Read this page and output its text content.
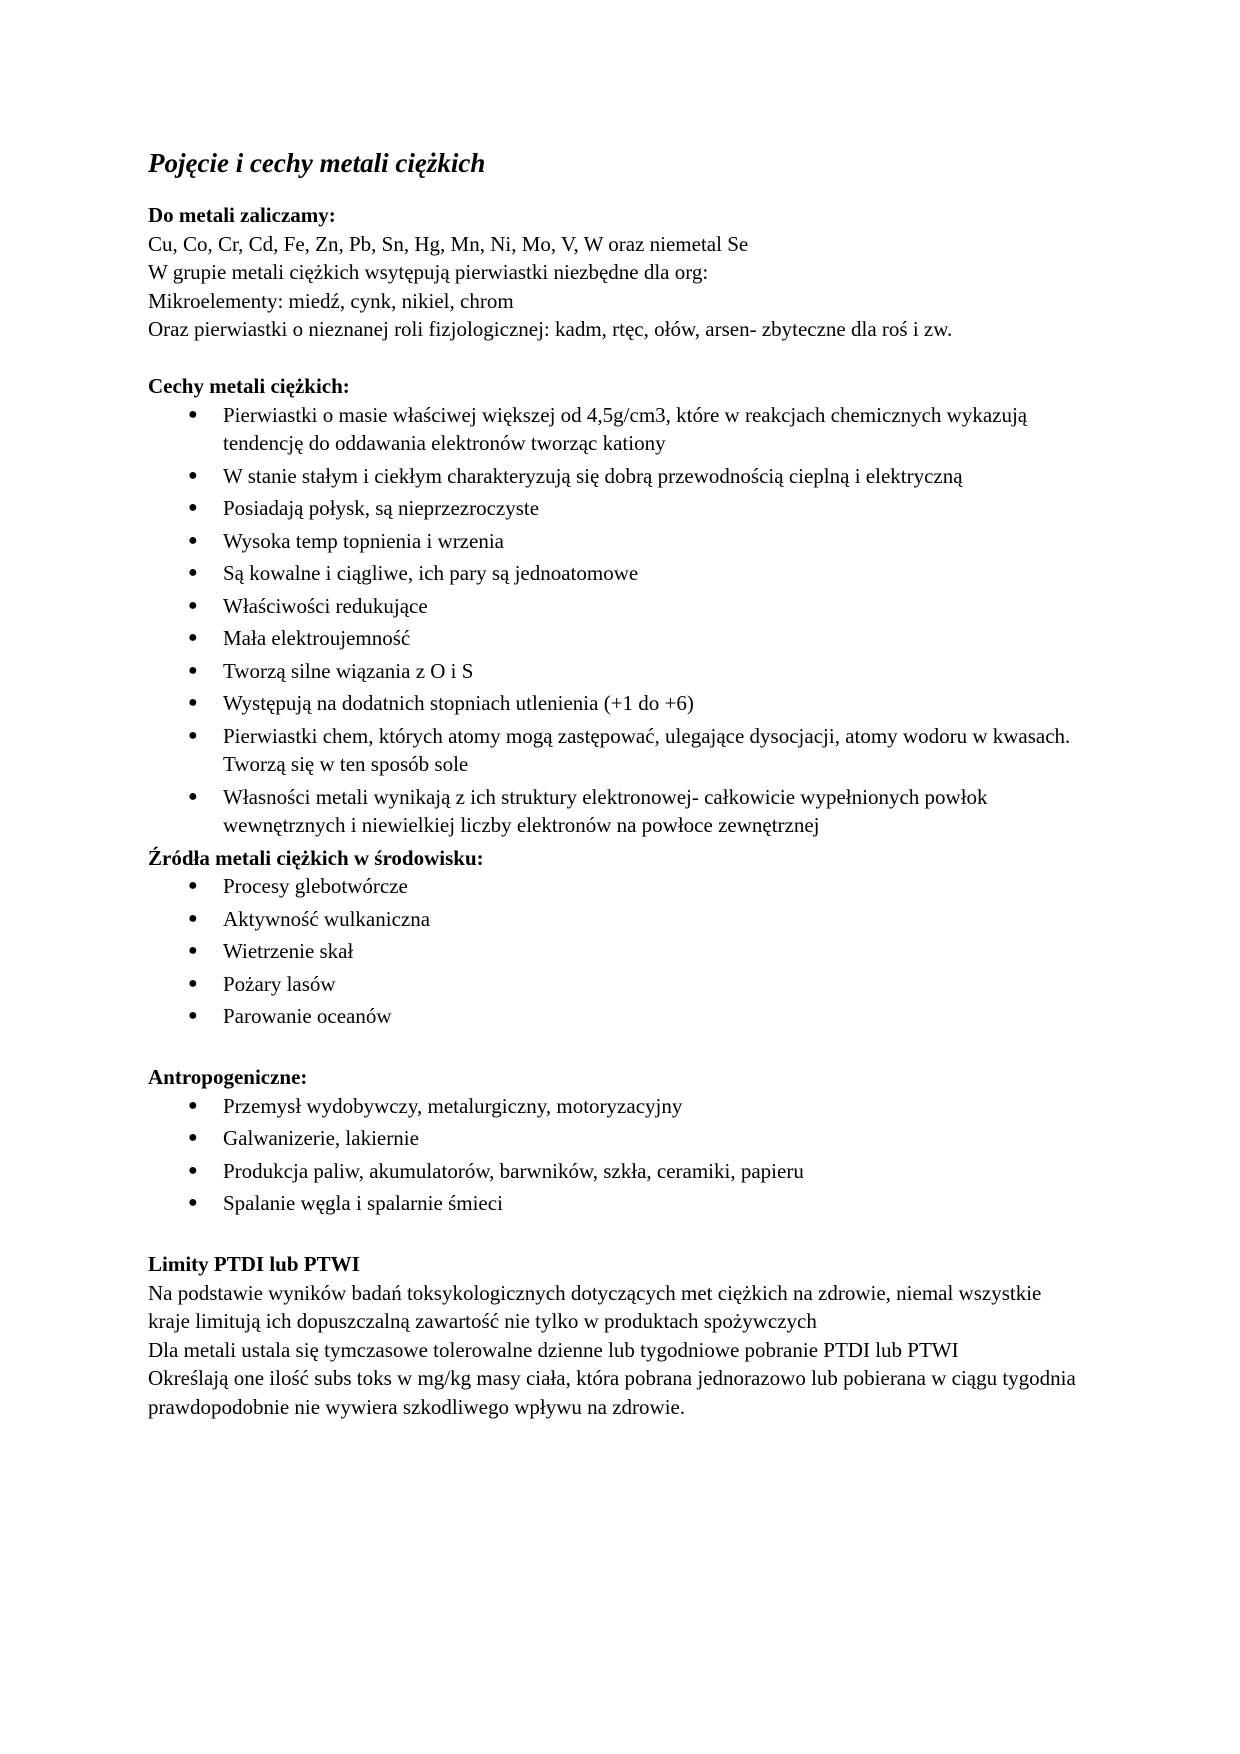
Pojęcie i cechy metali ciężkich

Do metali zaliczamy:

Cu, Co, Cr, Cd, Fe, Zn, Pb, Sn, Hg, Mn, Ni, Mo, V, W oraz niemetal Se

W grupie metali ciężkich wsytępują pierwiastki niezbędne dla org:

Mikroelementy: miedź, cynk, nikiel, chrom

Oraz pierwiastki o nieznanej roli fizjologicznej: kadm, rtęc, ołów, arsen- zbyteczne dla roś i zw.

Cechy metali ciężkich:

● Pierwiastki o masie właściwej większej od 4,5g/cm3, które w reakcjach chemicznych wykazują tendencję do oddawania elektronów tworząc kationy
● W stanie stałym i ciekłym charakteryzują się dobrą przewodnością cieplną i elektryczną
● Posiadają połysk, są nieprzezroczyste
● Wysoka temp topnienia i wrzenia
● Są kowalne i ciągliwe, ich pary są jednoatomowe
● Właściwości redukujące
● Mała elektroujemność
● Tworzą silne wiązania z O i S
● Występują na dodatnich stopniach utlenienia (+1 do +6)
● Pierwiastki chem, których atomy mogą zastępować, ulegające dysocjacji, atomy wodoru w kwasach. Tworzą się w ten sposób sole
● Własności metali wynikają z ich struktury elektronowej- całkowicie wypełnionych powłok wewnętrznych i niewielkiej liczby elektronów na powłoce zewnętrznej

Źródła metali ciężkich w środowisku:

● Procesy glebotwórcze
● Aktywność wulkaniczna
● Wietrzenie skał
● Pożary lasów
● Parowanie oceanów

Antropogeniczne:

● Przemysł wydobywczy, metalurgiczny, motoryzacyjny
● Galwanizerie, lakiernie
● Produkcja paliw, akumulatorów, barwników, szkła, ceramiki, papieru
● Spalanie węgla i spalarnie śmieci

Limity PTDI lub PTWI

Na podstawie wyników badań toksykologicznych dotyczących met ciężkich na zdrowie, niemal wszystkie kraje limitują ich dopuszczalną zawartość nie tylko w produktach spożywczych

Dla metali ustala się tymczasowe tolerowalne dzienne lub tygodniowe pobranie PTDI lub PTWI

Określają one ilość subs toks w mg/kg masy ciała, która pobrana jednorazowo lub pobierana w ciągu tygodnia prawdopodobnie nie wywiera szkodliwego wpływu na zdrowie.
